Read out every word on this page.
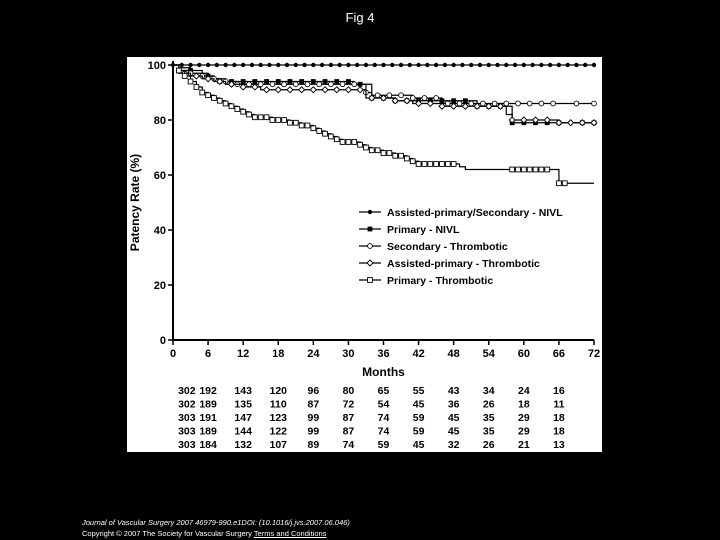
Fig 4
0
20
40
60
80
100
0	6 12 18 24 30 36 42 48 54 60 66 72
Months
Patency Rate (%)	Assisted-primary/Secondary - NIVL
Primary - NIVL
Secondary - Thrombotic
Assisted-primary - Thrombotic
Primary - Thrombotic
302 192 143 120 96 80 65 55 43 34 24 16
302 189 135 110 87 72 54 45 36 26 18 11
303 191 147 123 99 87 74 59 45 35 29 18
303 189 144 122 99 87 74 59 45 35 29 18
303 184 132 107 89 74 59 45 32 26 21 13
Journal of Vascular Surgery 2007 46979-990.e1DOI: (10.1016/j.jvs.2007.06.046)
Copyright © 2007 The Society for Vascular Surgery Terms and Conditions
